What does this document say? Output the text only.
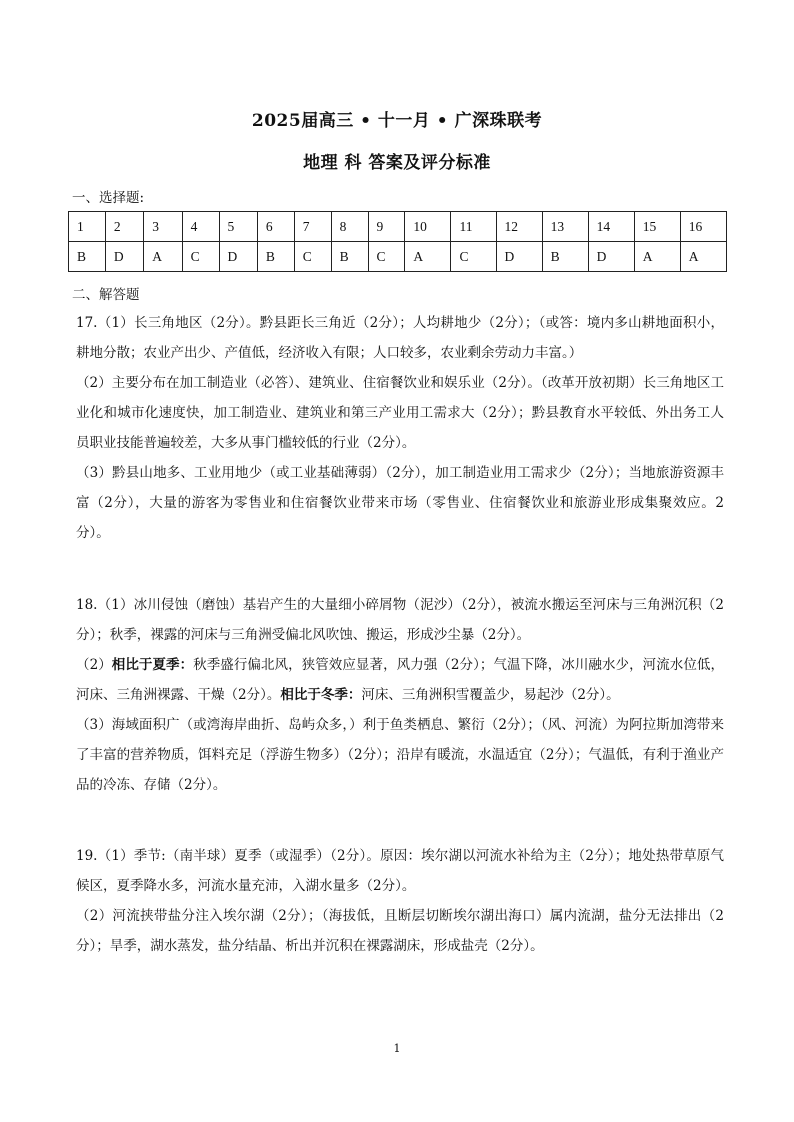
2025届高三 • 十一月 • 广深珠联考
地理 科 答案及评分标准
一、选择题:
1	2	3	4	5	6	7	8	9	10	11	12	13	14	15	16
B	D	A	C	D	B	C	B	C	A	C	D	B	D	A	A
二、解答题

17.（1）长三角地区（2分）。黔县距长三角近（2分）；人均耕地少（2分）；（或答：境内多山耕地面积小，耕地分散；农业产出少、产值低，经济收入有限；人口较多，农业剩余劳动力丰富。）

（2）主要分布在加工制造业（必答）、建筑业、住宿餐饮业和娱乐业（2分）。（改革开放初期）长三角地区工业化和城市化速度快，加工制造业、建筑业和第三产业用工需求大（2分）；黔县教育水平较低、外出务工人员职业技能普遍较差，大多从事门槛较低的行业（2分）。

（3）黔县山地多、工业用地少（或工业基础薄弱）（2分），加工制造业用工需求少（2分）；当地旅游资源丰富（2分），大量的游客为零售业和住宿餐饮业带来市场（零售业、住宿餐饮业和旅游业形成集聚效应。2分）。

18.（1）冰川侵蚀（磨蚀）基岩产生的大量细小碎屑物（泥沙）（2分），被流水搬运至河床与三角洲沉积（2分）；秋季，裸露的河床与三角洲受偏北风吹蚀、搬运，形成沙尘暴（2分）。

（2）相比于夏季：秋季盛行偏北风，狭管效应显著，风力强（2分）；气温下降，冰川融水少，河流水位低，河床、三角洲裸露、干燥（2分）。相比于冬季：河床、三角洲积雪覆盖少，易起沙（2分）。

（3）海域面积广（或湾海岸曲折、岛屿众多，）利于鱼类栖息、繁衍（2分）；（风、河流）为阿拉斯加湾带来了丰富的营养物质，饵料充足（浮游生物多）（2分）；沿岸有暖流，水温适宜（2分）；气温低，有利于渔业产品的冷冻、存储（2分）。

19.（1）季节:（南半球）夏季（或湿季）（2分）。原因：埃尔湖以河流水补给为主（2分）；地处热带草原气候区，夏季降水多，河流水量充沛，入湖水量多（2分）。

（2）河流挟带盐分注入埃尔湖（2分）；（海拔低，且断层切断埃尔湖出海口）属内流湖，盐分无法排出（2分）；旱季，湖水蒸发，盐分结晶、析出并沉积在裸露湖床，形成盐壳（2分）。

1
